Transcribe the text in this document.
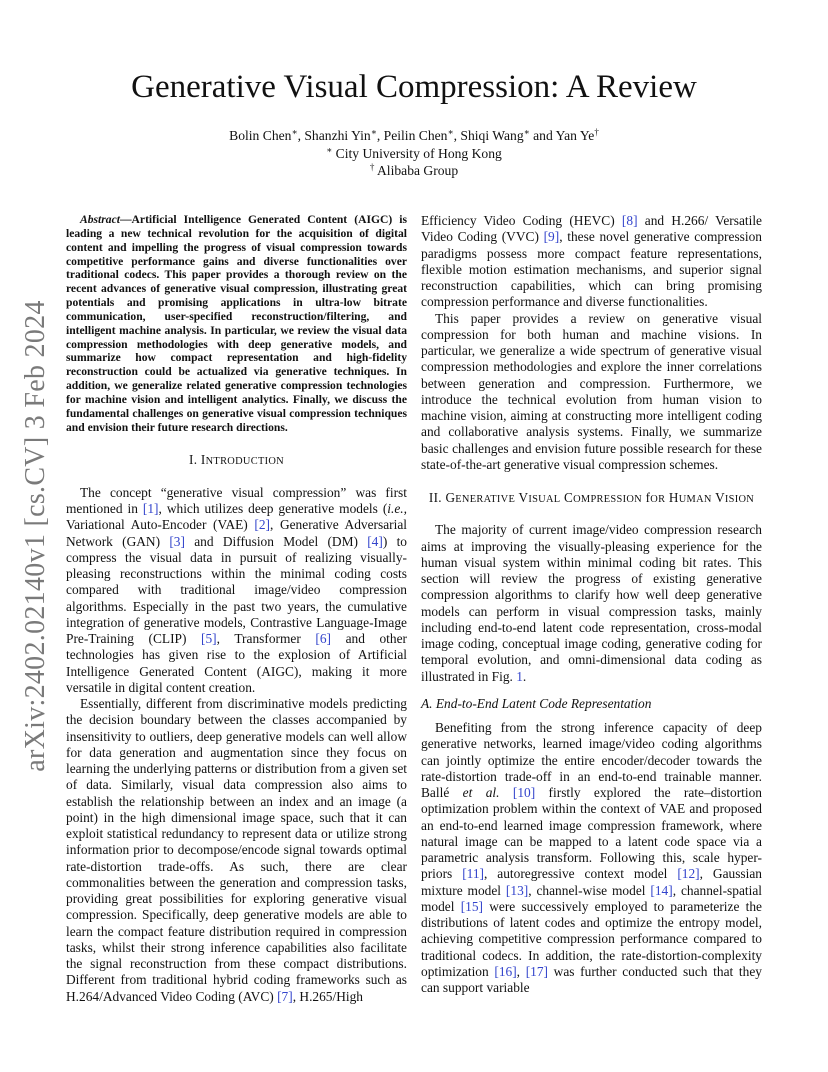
arXiv:2402.02140v1 [cs.CV] 3 Feb 2024
Generative Visual Compression: A Review
Bolin Chen∗, Shanzhi Yin∗, Peilin Chen∗, Shiqi Wang∗ and Yan Ye†
∗ City University of Hong Kong
† Alibaba Group

Abstract—Artificial Intelligence Generated Content (AIGC) is leading a new technical revolution for the acquisition of digital content and impelling the progress of visual compression towards competitive performance gains and diverse functionalities over traditional codecs. This paper provides a thorough review on the recent advances of generative visual compression, illustrating great potentials and promising applications in ultra-low bitrate communication, user-specified reconstruction/filtering, and intelligent machine analysis. In particular, we review the visual data compression methodologies with deep generative models, and summarize how compact representation and high-fidelity reconstruction could be actualized via generative techniques. In addition, we generalize related generative compression technologies for machine vision and intelligent analytics. Finally, we discuss the fundamental challenges on generative visual compression techniques and envision their future research directions.

I. INTRODUCTION

The concept “generative visual compression” was first mentioned in [1], which utilizes deep generative models (i.e., Variational Auto-Encoder (VAE) [2], Generative Adversarial Network (GAN) [3] and Diffusion Model (DM) [4]) to compress the visual data in pursuit of realizing visually-pleasing reconstructions within the minimal coding costs compared with traditional image/video compression algorithms. Especially in the past two years, the cumulative integration of generative models, Contrastive Language-Image Pre-Training (CLIP) [5], Transformer [6] and other technologies has given rise to the explosion of Artificial Intelligence Generated Content (AIGC), making it more versatile in digital content creation.

Essentially, different from discriminative models predicting the decision boundary between the classes accompanied by insensitivity to outliers, deep generative models can well allow for data generation and augmentation since they focus on learning the underlying patterns or distribution from a given set of data. Similarly, visual data compression also aims to establish the relationship between an index and an image (a point) in the high dimensional image space, such that it can exploit statistical redundancy to represent data or utilize strong information prior to decompose/encode signal towards optimal rate-distortion trade-offs. As such, there are clear commonalities between the generation and compression tasks, providing great possibilities for exploring generative visual compression. Specifically, deep generative models are able to learn the compact feature distribution required in compression tasks, whilst their strong inference capabilities also facilitate the signal reconstruction from these compact distributions. Different from traditional hybrid coding frameworks such as H.264/Advanced Video Coding (AVC) [7], H.265/High

Efficiency Video Coding (HEVC) [8] and H.266/ Versatile Video Coding (VVC) [9], these novel generative compression paradigms possess more compact feature representations, flexible motion estimation mechanisms, and superior signal reconstruction capabilities, which can bring promising compression performance and diverse functionalities.

This paper provides a review on generative visual compression for both human and machine visions. In particular, we generalize a wide spectrum of generative visual compression methodologies and explore the inner correlations between generation and compression. Furthermore, we introduce the technical evolution from human vision to machine vision, aiming at constructing more intelligent coding and collaborative analysis systems. Finally, we summarize basic challenges and envision future possible research for these state-of-the-art generative visual compression schemes.

II. GENERATIVE VISUAL COMPRESSION fOR HUMAN VISION

The majority of current image/video compression research aims at improving the visually-pleasing experience for the human visual system within minimal coding bit rates. This section will review the progress of existing generative compression algorithms to clarify how well deep generative models can perform in visual compression tasks, mainly including end-to-end latent code representation, cross-modal image coding, conceptual image coding, generative coding for temporal evolution, and omni-dimensional data coding as illustrated in Fig. 1.

A. End-to-End Latent Code Representation

Benefiting from the strong inference capacity of deep generative networks, learned image/video coding algorithms can jointly optimize the entire encoder/decoder towards the rate-distortion trade-off in an end-to-end trainable manner. Ballé et al. [10] firstly explored the rate–distortion optimization problem within the context of VAE and proposed an end-to-end learned image compression framework, where natural image can be mapped to a latent code space via a parametric analysis transform. Following this, scale hyper-priors [11], autoregressive context model [12], Gaussian mixture model [13], channel-wise model [14], channel-spatial model [15] were successively employed to parameterize the distributions of latent codes and optimize the entropy model, achieving competitive compression performance compared to traditional codecs. In addition, the rate-distortion-complexity optimization [16], [17] was further conducted such that they can support variable
